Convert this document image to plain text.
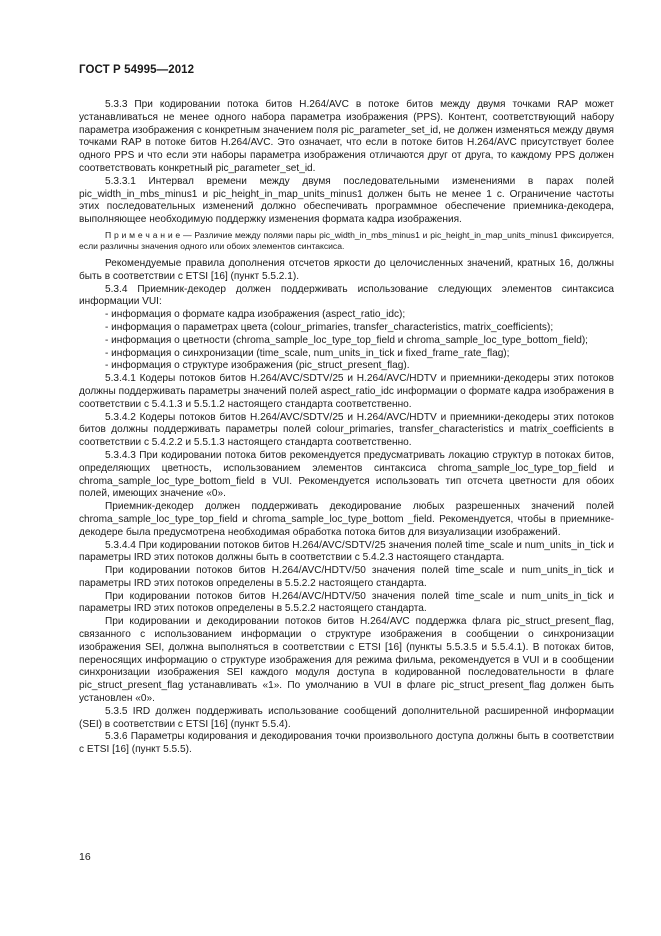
ГОСТ Р 54995—2012

5.3.3 При кодировании потока битов H.264/AVC в потоке битов между двумя точками RAP может устанавливаться не менее одного набора параметра изображения (PPS). Контент, соответствующий набору параметра изображения с конкретным значением поля pic_parameter_set_id, не должен изменяться между двумя точками RAP в потоке битов H.264/AVC. Это означает, что если в потоке битов H.264/AVC присутствует более одного PPS и что если эти наборы параметра изображения отличаются друг от друга, то каждому PPS должен соответствовать конкретный pic_parameter_set_id.

5.3.3.1 Интервал времени между двумя последовательными изменениями в парах полей pic_width_in_mbs_minus1 и pic_height_in_map_units_minus1 должен быть не менее 1 с. Ограничение частоты этих последовательных изменений должно обеспечивать программное обеспечение приемника-декодера, выполняющее необходимую поддержку изменения формата кадра изображения.

П р и м е ч а н и е — Различие между полями пары pic_width_in_mbs_minus1 и pic_height_in_map_units_minus1 фиксируется, если различны значения одного или обоих элементов синтаксиса.

Рекомендуемые правила дополнения отсчетов яркости до целочисленных значений, кратных 16, должны быть в соответствии с ETSI [16] (пункт 5.5.2.1).

5.3.4 Приемник-декодер должен поддерживать использование следующих элементов синтаксиса информации VUI:

- информация о формате кадра изображения (aspect_ratio_idc);

- информация о параметрах цвета (colour_primaries, transfer_characteristics, matrix_coefficients);

- информация о цветности (chroma_sample_loc_type_top_field и chroma_sample_loc_type_bottom_field);

- информация о синхронизации (time_scale, num_units_in_tick и fixed_frame_rate_flag);

- информация о структуре изображения (pic_struct_present_flag).

5.3.4.1 Кодеры потоков битов H.264/AVC/SDTV/25 и H.264/AVC/HDTV и приемники-декодеры этих потоков должны поддерживать параметры значений полей aspect_ratio_idc информации о формате кадра изображения в соответствии с 5.4.1.3 и 5.5.1.2 настоящего стандарта соответственно.

5.3.4.2 Кодеры потоков битов H.264/AVC/SDTV/25 и H.264/AVC/HDTV и приемники-декодеры этих потоков битов должны поддерживать параметры полей colour_primaries, transfer_characteristics и matrix_coefficients в соответствии с 5.4.2.2 и 5.5.1.3 настоящего стандарта соответственно.

5.3.4.3 При кодировании потока битов рекомендуется предусматривать локацию структур в потоках битов, определяющих цветность, использованием элементов синтаксиса chroma_sample_loc_type_top_field и chroma_sample_loc_type_bottom_field в VUI. Рекомендуется использовать тип отсчета цветности для обоих полей, имеющих значение «0».

Приемник-декодер должен поддерживать декодирование любых разрешенных значений полей chroma_sample_loc_type_top_field и chroma_sample_loc_type_bottom _field. Рекомендуется, чтобы в приемнике-декодере была предусмотрена необходимая обработка потока битов для визуализации изображений.

5.3.4.4 При кодировании потоков битов H.264/AVC/SDTV/25 значения полей time_scale и num_units_in_tick и параметры IRD этих потоков должны быть в соответствии с 5.4.2.3 настоящего стандарта.

При кодировании потоков битов H.264/AVC/HDTV/50 значения полей time_scale и num_units_in_tick и параметры IRD этих потоков определены в 5.5.2.2 настоящего стандарта.

При кодировании потоков битов H.264/AVC/HDTV/50 значения полей time_scale и num_units_in_tick и параметры IRD этих потоков определены в 5.5.2.2 настоящего стандарта.

При кодировании и декодировании потоков битов H.264/AVC поддержка флага pic_struct_present_flag, связанного с использованием информации о структуре изображения в сообщении о синхронизации изображения SEI, должна выполняться в соответствии с ETSI [16] (пункты 5.5.3.5 и 5.5.4.1). В потоках битов, переносящих информацию о структуре изображения для режима фильма, рекомендуется в VUI и в сообщении синхронизации изображения SEI каждого модуля доступа в кодированной последовательности в флаге pic_struct_present_flag устанавливать «1». По умолчанию в VUI в флаге pic_struct_present_flag должен быть установлен «0».

5.3.5 IRD должен поддерживать использование сообщений дополнительной расширенной информации (SEI) в соответствии с ETSI [16] (пункт 5.5.4).

5.3.6 Параметры кодирования и декодирования точки произвольного доступа должны быть в соответствии с ETSI [16] (пункт 5.5.5).

16
